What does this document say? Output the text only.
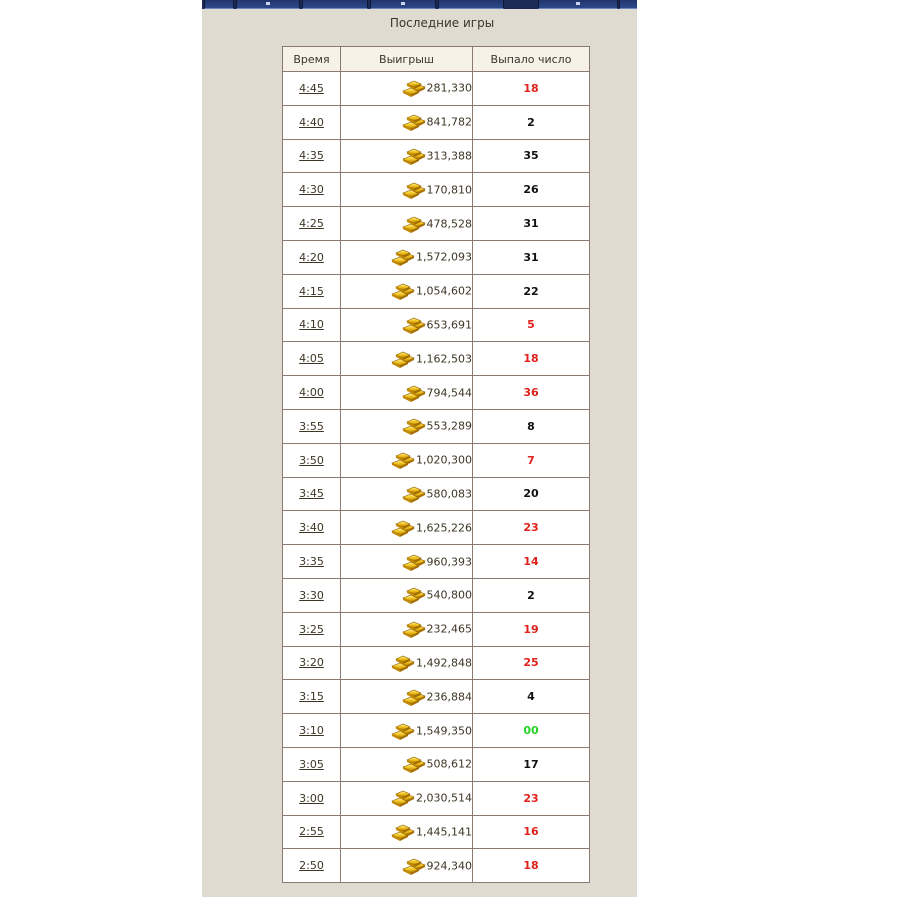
Последние игры
Время	Выигрыш	Выпало число
4:45	281,330	18
4:40	841,782	2
4:35	313,388	35
4:30	170,810	26
4:25	478,528	31
4:20	1,572,093	31
4:15	1,054,602	22
4:10	653,691	5
4:05	1,162,503	18
4:00	794,544	36
3:55	553,289	8
3:50	1,020,300	7
3:45	580,083	20
3:40	1,625,226	23
3:35	960,393	14
3:30	540,800	2
3:25	232,465	19
3:20	1,492,848	25
3:15	236,884	4
3:10	1,549,350	00
3:05	508,612	17
3:00	2,030,514	23
2:55	1,445,141	16
2:50	924,340	18
